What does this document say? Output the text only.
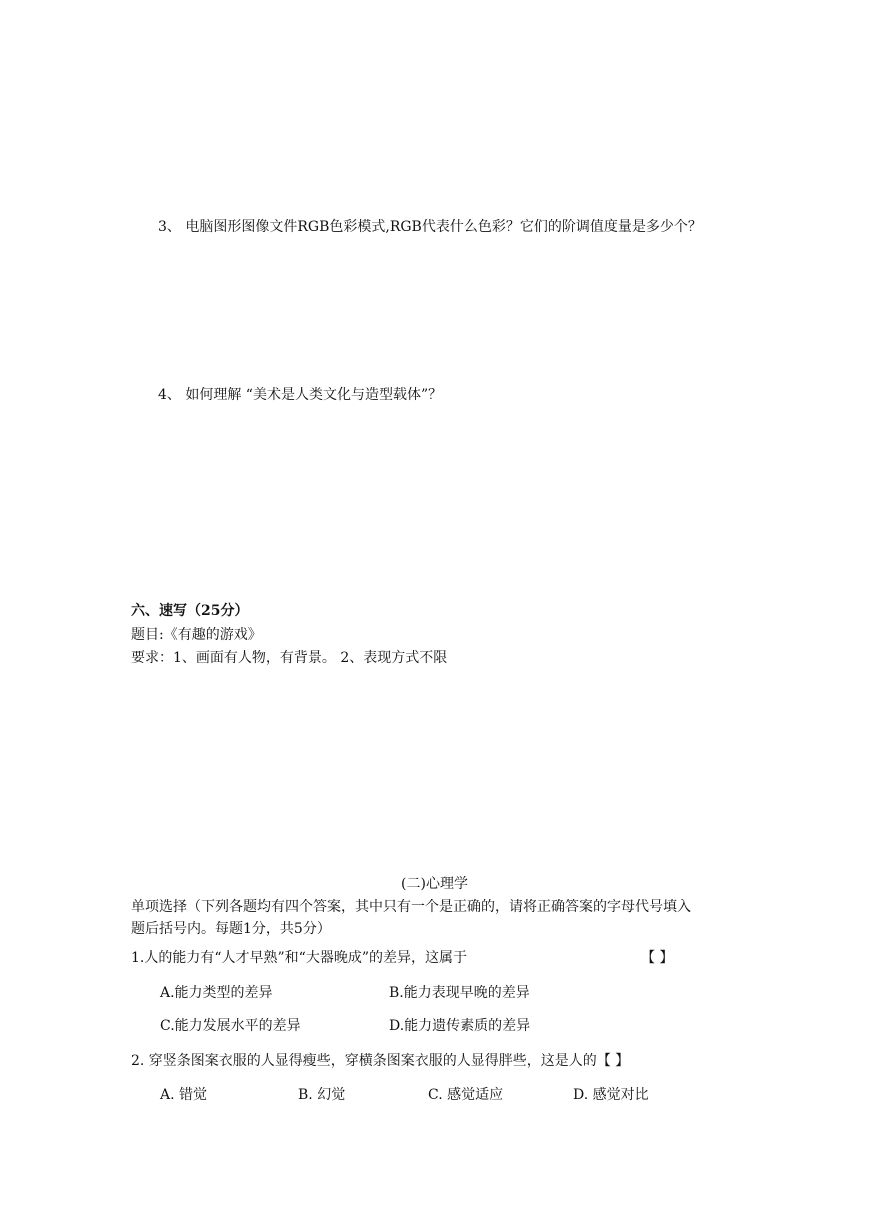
3、 电脑图形图像文件RGB色彩模式,RGB代表什么色彩？它们的阶调值度量是多少个？
4、 如何理解 “美术是人类文化与造型载体”？
六、速写（25分）
题目:《有趣的游戏》
要求：1、画面有人物，有背景。 2、表现方式不限
(二)心理学
单项选择（下列各题均有四个答案，其中只有一个是正确的，请将正确答案的字母代号填入
题后括号内。每题1分，共5分）
1.人的能力有“人才早熟”和“大器晚成”的差异，这属于	【 】
A.能力类型的差异	B.能力表现早晚的差异
C.能力发展水平的差异	D.能力遗传素质的差异
2. 穿竖条图案衣服的人显得瘦些，穿横条图案衣服的人显得胖些，这是人的【 】
A. 错觉	B. 幻觉	C. 感觉适应	D. 感觉对比
